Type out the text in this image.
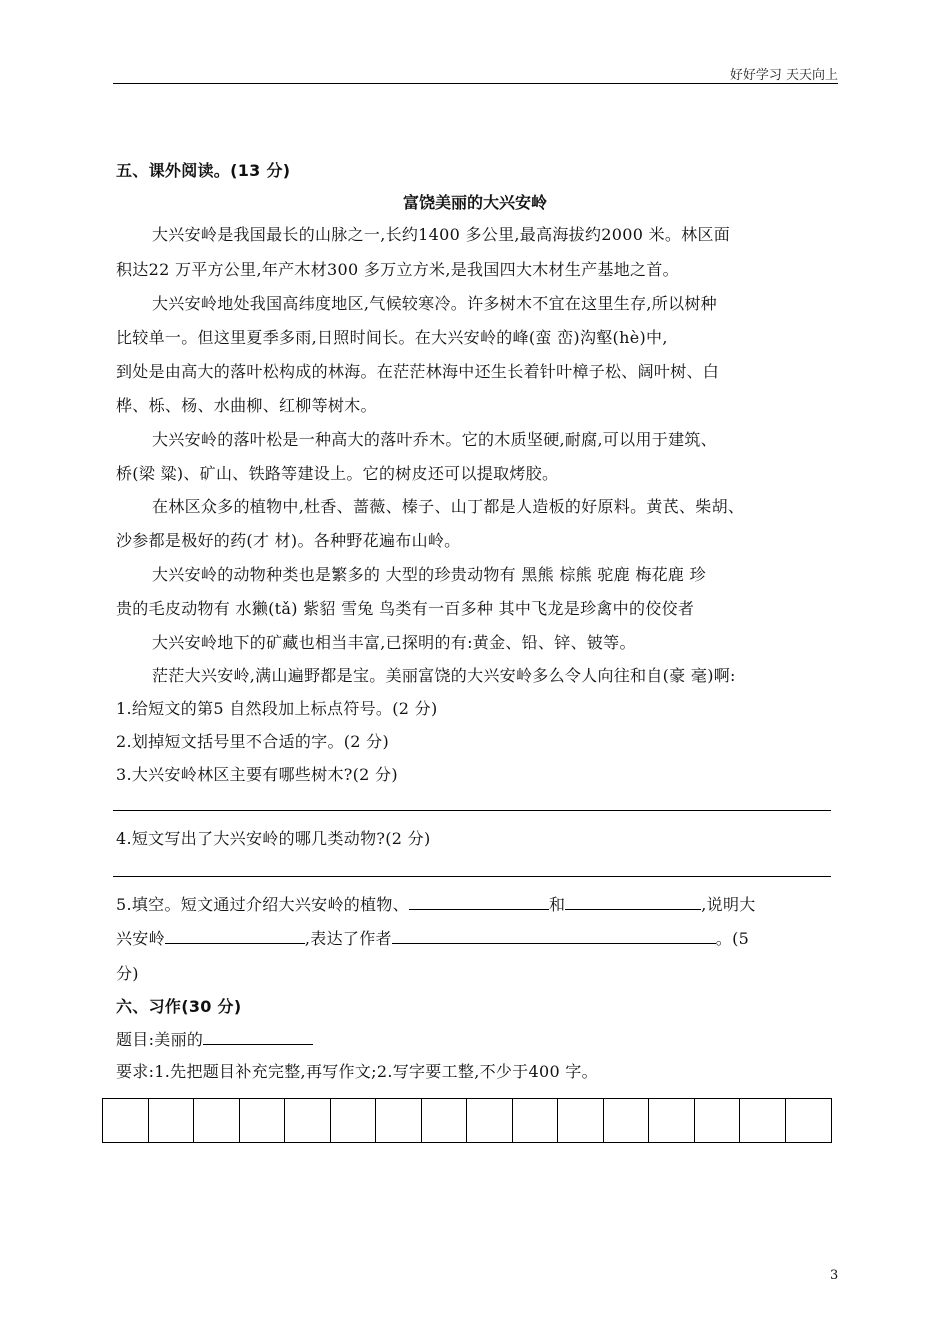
好好学习 天天向上
五、课外阅读。(13 分)
富饶美丽的大兴安岭
大兴安岭是我国最长的山脉之一,长约1400 多公里,最高海拔约2000 米。林区面
积达22 万平方公里,年产木材300 多万立方米,是我国四大木材生产基地之首。
大兴安岭地处我国高纬度地区,气候较寒冷。许多树木不宜在这里生存,所以树种
比较单一。但这里夏季多雨,日照时间长。在大兴安岭的峰(蛮 峦)沟壑(hè)中,
到处是由高大的落叶松构成的林海。在茫茫林海中还生长着针叶樟子松、阔叶树、白
桦、栎、杨、水曲柳、红柳等树木。
大兴安岭的落叶松是一种高大的落叶乔木。它的木质坚硬,耐腐,可以用于建筑、
桥(梁 粱)、矿山、铁路等建设上。它的树皮还可以提取烤胶。
在林区众多的植物中,杜香、蔷薇、榛子、山丁都是人造板的好原料。黄芪、柴胡、
沙参都是极好的药(才 材)。各种野花遍布山岭。
大兴安岭的动物种类也是繁多的 大型的珍贵动物有 黑熊 棕熊 驼鹿 梅花鹿 珍
贵的毛皮动物有 水獭(tǎ) 紫貂 雪兔 鸟类有一百多种 其中飞龙是珍禽中的佼佼者
大兴安岭地下的矿藏也相当丰富,已探明的有:黄金、铅、锌、铍等。
茫茫大兴安岭,满山遍野都是宝。美丽富饶的大兴安岭多么令人向往和自(豪 毫)啊:
1.给短文的第5 自然段加上标点符号。(2 分)
2.划掉短文括号里不合适的字。(2 分)
3.大兴安岭林区主要有哪些树木?(2 分)
4.短文写出了大兴安岭的哪几类动物?(2 分)
5.填空。短文通过介绍大兴安岭的植物、	和	,说明大
兴安岭	,表达了作者	。(5
分)
六、习作(30 分)
题目:美丽的
要求:1.先把题目补充完整,再写作文;2.写字要工整,不少于400 字。
3
